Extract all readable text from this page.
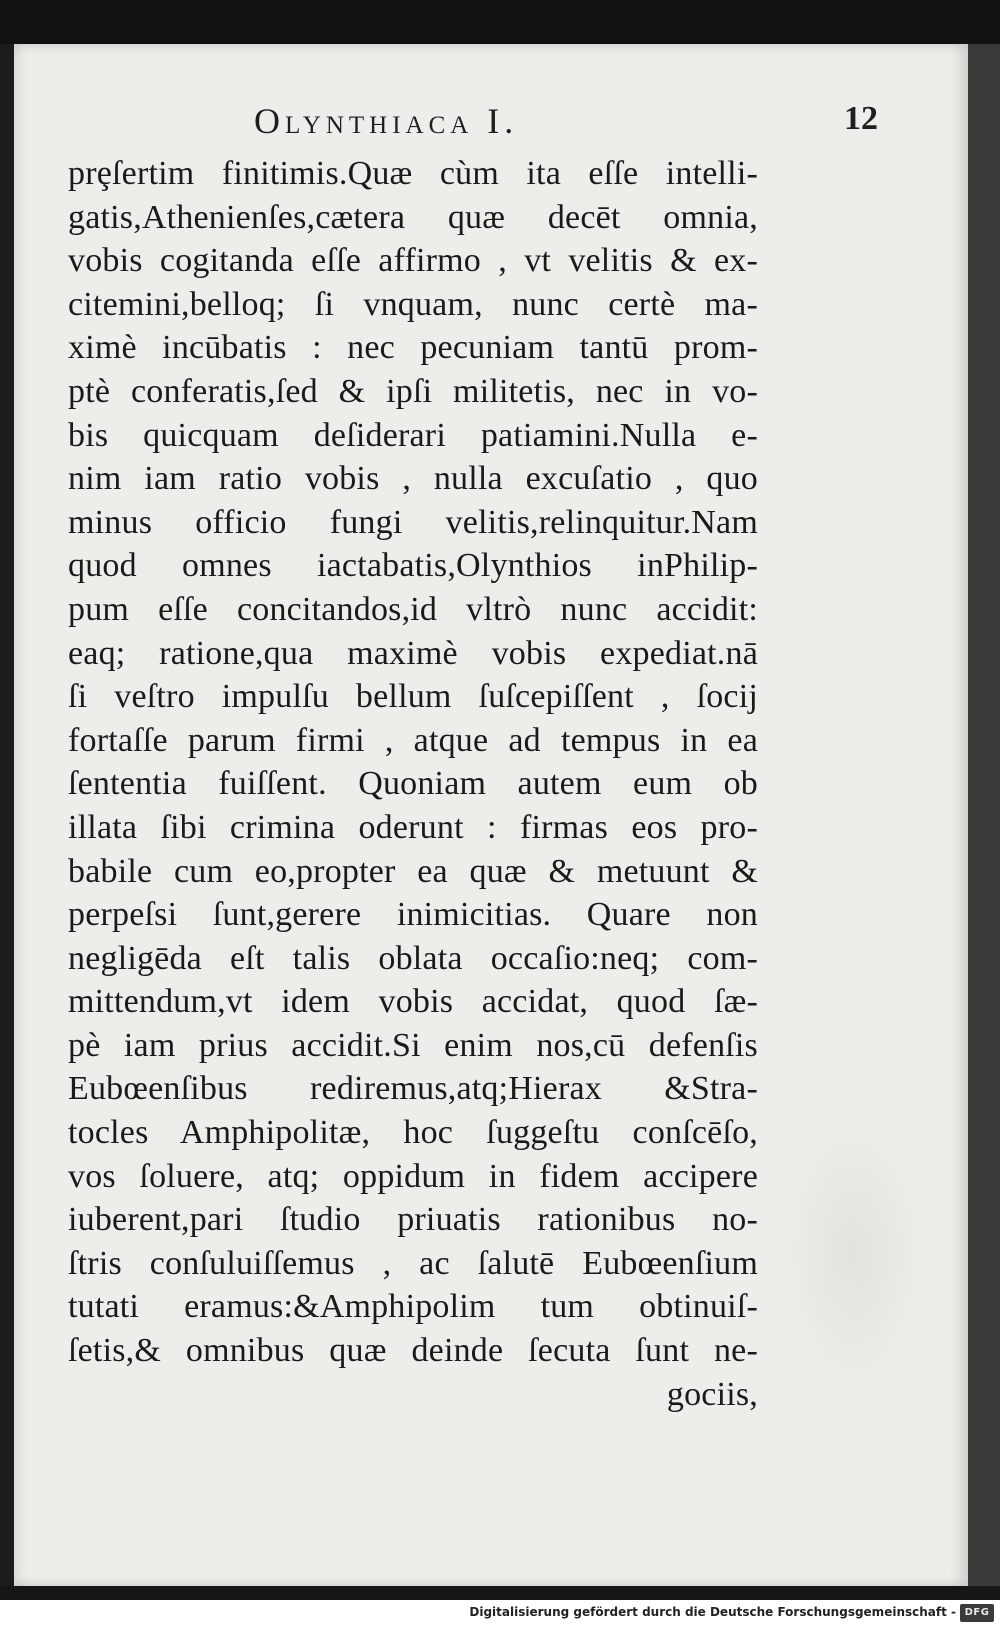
Olynthiaca I.	12
prȩſertim finitimis.Quæ cùm ita eſſe intelli-
gatis,Athenienſes,cætera quæ decēt omnia,
vobis cogitanda eſſe affirmo , vt velitis & ex-
citemini,belloq; ſi vnquam, nunc certè ma-
ximè incūbatis : nec pecuniam tantū prom-
ptè conferatis,ſed & ipſi militetis, nec in vo-
bis quicquam deſiderari patiamini.Nulla e-
nim iam ratio vobis , nulla excuſatio , quo
minus officio fungi velitis,relinquitur.Nam
quod omnes iactabatis,Olynthios inPhilip-
pum eſſe concitandos,id vltrò nunc accidit:
eaq; ratione,qua maximè vobis expediat.nā
ſi veſtro impulſu bellum ſuſcepiſſent , ſocij
fortaſſe parum firmi , atque ad tempus in ea
ſententia fuiſſent. Quoniam autem eum ob
illata ſibi crimina oderunt : firmas eos pro-
babile cum eo,propter ea quæ & metuunt &
perpeſsi ſunt,gerere inimicitias. Quare non
negligēda eſt talis oblata occaſio:neq; com-
mittendum,vt idem vobis accidat, quod ſæ-
pè iam prius accidit.Si enim nos,cū defenſis
Eubœenſibus rediremus,atq;Hierax &Stra-
tocles Amphipolitæ, hoc ſuggeſtu conſcēſo,
vos ſoluere, atq; oppidum in fidem accipere
iuberent,pari ſtudio priuatis rationibus no-
ſtris conſuluiſſemus , ac ſalutē Eubœenſium
tutati eramus:&Amphipolim tum obtinuiſ-
ſetis,& omnibus quæ deinde ſecuta ſunt ne-
gociis,
Digitalisierung gefördert durch die Deutsche Forschungsgemeinschaft - DFG
